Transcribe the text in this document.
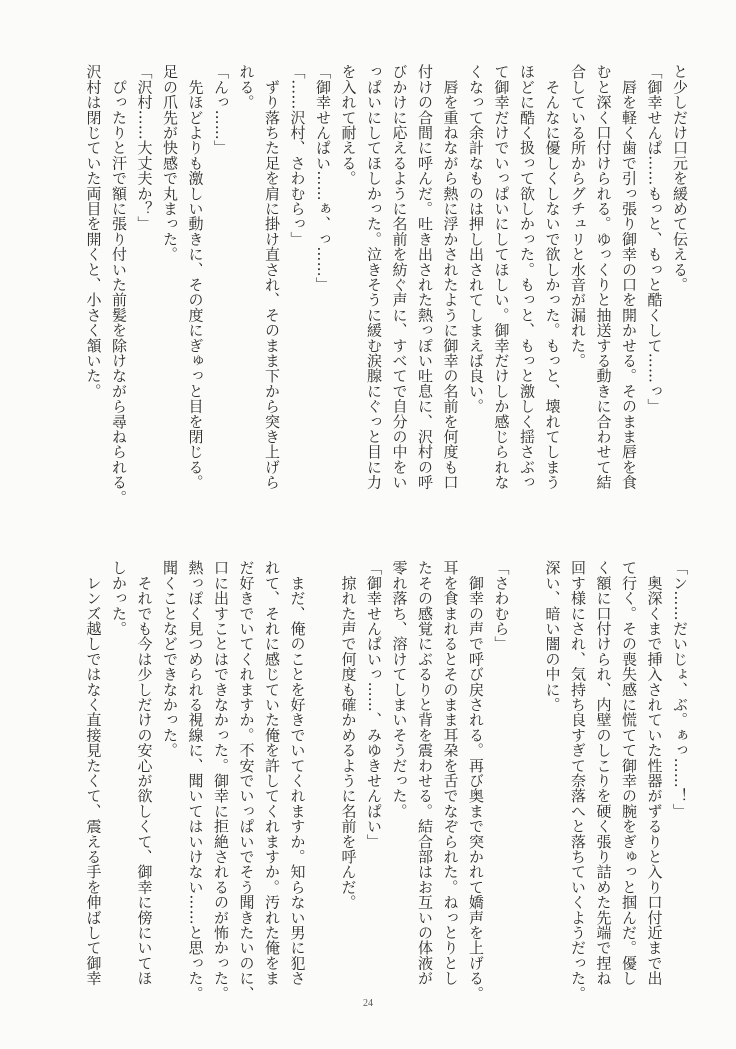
と少しだけ口元を緩めて伝える。
「御幸せんぱ……もっと、もっと酷くして……っ」
　唇を軽く歯で引っ張り御幸の口を開かせる。そのまま唇を食
むと深く口付けられる。ゆっくりと抽送する動きに合わせて結
合している所からグチュリと水音が漏れた。
　そんなに優しくしないで欲しかった。もっと、壊れてしまう
ほどに酷く扱って欲しかった。もっと、もっと激しく揺さぶっ
て御幸だけでいっぱいにしてほしい。御幸だけしか感じられな
くなって余計なものは押し出されてしまえば良い。
　唇を重ねながら熱に浮かされたように御幸の名前を何度も口
付けの合間に呼んだ。吐き出された熱っぽい吐息に、沢村の呼
びかけに応えるように名前を紡ぐ声に、すべてで自分の中をい
っぱいにしてほしかった。泣きそうに緩む涙腺にぐっと目に力
を入れて耐える。
「御幸せんぱい……ぁ、っ……」
「……沢村、さわむらっ」
　ずり落ちた足を肩に掛け直され、そのまま下から突き上げら
れる。
「んっ……」
　先ほどよりも激しい動きに、その度にぎゅっと目を閉じる。
足の爪先が快感で丸まった。
「沢村……大丈夫か？」
　ぴったりと汗で額に張り付いた前髪を除けながら尋ねられる。
沢村は閉じていた両目を開くと、小さく頷いた。
「ン……だいじょ、ぶ。ぁっ……！」
　奥深くまで挿入されていた性器がずるりと入り口付近まで出
て行く。その喪失感に慌てて御幸の腕をぎゅっと掴んだ。優し
く額に口付けられ、内壁のしこりを硬く張り詰めた先端で捏ね
回す様にされ、気持ち良すぎて奈落へと落ちていくようだった。
深い、暗い闇の中に。
「さわむら」
　御幸の声で呼び戻される。再び奥まで突かれて嬌声を上げる。
耳を食まれるとそのまま耳朶を舌でなぞられた。ねっとりとし
たその感覚にぶるりと背を震わせる。結合部はお互いの体液が
零れ落ち、溶けてしまいそうだった。
「御幸せんぱいっ……、みゆきせんぱい」
　掠れた声で何度も確かめるように名前を呼んだ。
　まだ、俺のことを好きでいてくれますか。知らない男に犯さ
れて、それに感じていた俺を許してくれますか。汚れた俺をま
だ好きでいてくれますか。不安でいっぱいでそう聞きたいのに、
口に出すことはできなかった。御幸に拒絶されるのが怖かった。
熱っぽく見つめられる視線に、聞いてはいけない……と思った。
聞くことなどできなかった。
　それでも今は少しだけの安心が欲しくて、御幸に傍にいてほ
しかった。
　レンズ越しではなく直接見たくて、震える手を伸ばして御幸
24
